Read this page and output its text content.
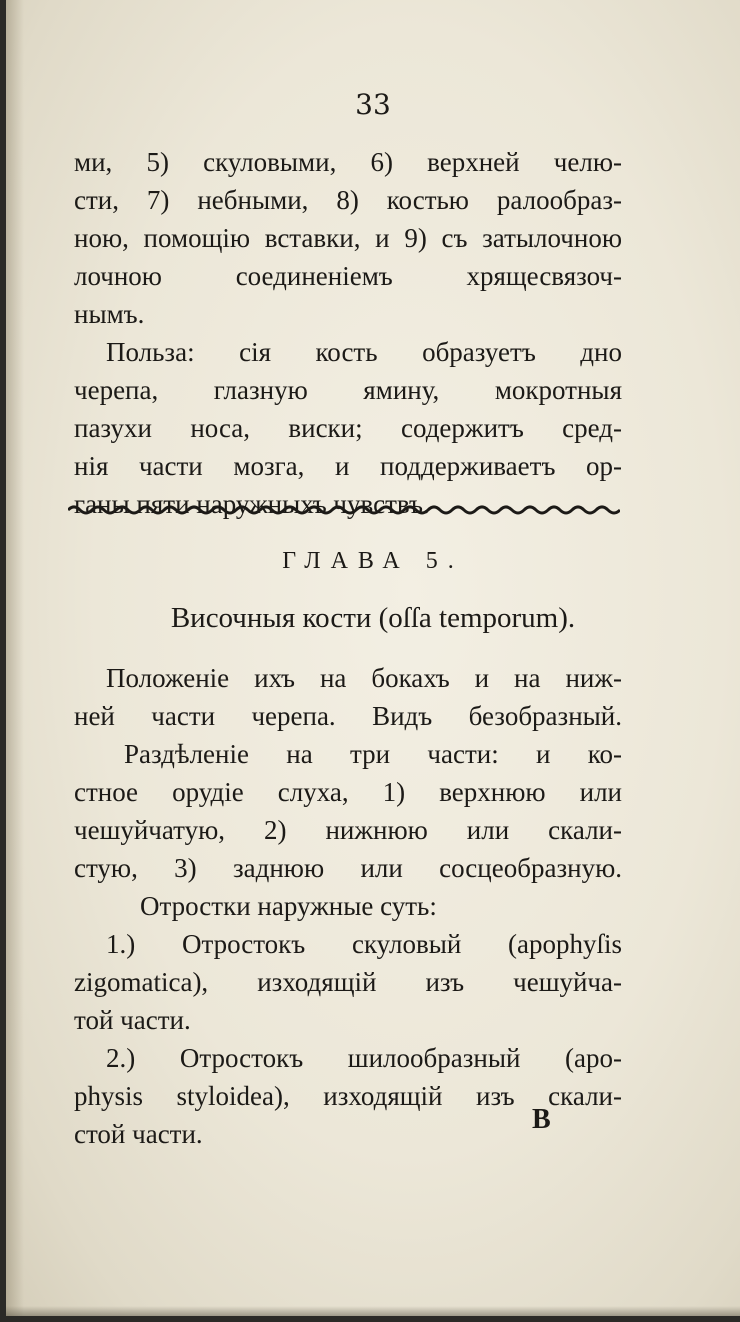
33
ми, 5) скуловыми, 6) верхней челю-
сти, 7) небными, 8) костью ралообраз-
ною, помощію вставки, и 9) съ затылочною
лочною соединеніемъ хрящесвязоч-
нымъ.
Польза: сія кость образуетъ дно
черепа, глазную ямину, мокротныя
пазухи носа, виски; содержитъ сред-
нія части мозга, и поддерживаетъ ор-
ганы пяти наружныхъ чувствъ.
ГЛАВА 5.
Височныя кости (oſſa temporum).
Положеніе ихъ на бокахъ и на ниж-
ней части черепа. Видъ безобразный.
Раздѣленіе на три части: и ко-
стное орудіе слуха, 1) верхнюю или
чешуйчатую, 2) нижнюю или скали-
стую, 3) заднюю или сосцеобразную.
Отростки наружные суть:
1.) Отростокъ скуловый (apophyſis
zigomatica), изходящій изъ чешуйча-
той части.
2.) Отростокъ шилообразный (apo-
physis styloidea), изходящій изъ скали-
стой части.	В
